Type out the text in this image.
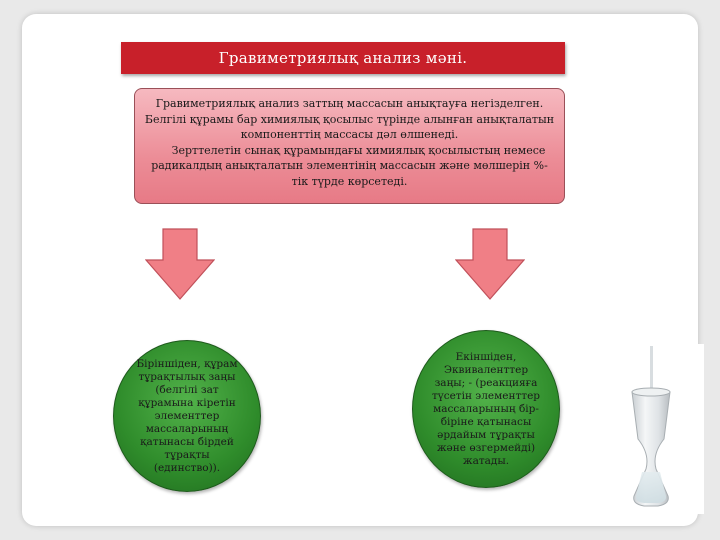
Гравиметриялық анализ мәні.

Гравиметриялық анализ заттың массасын анықтауға негізделген.

Белгілі құрамы бар химиялық қосылыс түрінде алынған анықталатын компоненттің массасы дәл өлшенеді.

Зерттелетін сынақ құрамындағы химиялық қосылыстың немесе радикалдың анықталатын элементінің массасын және мөлшерін %-тік түрде көрсетеді.

Біріншіден, құрам тұрақтылық заңы (белгілі зат құрамына кіретін элементтер массаларының қатынасы бірдей тұрақты (единство)).
Екіншіден, Эквиваленттер заңы; - (реакцияға түсетін элементтер массаларының бір-біріне қатынасы әрдайым тұрақты және өзгермейді) жатады.
